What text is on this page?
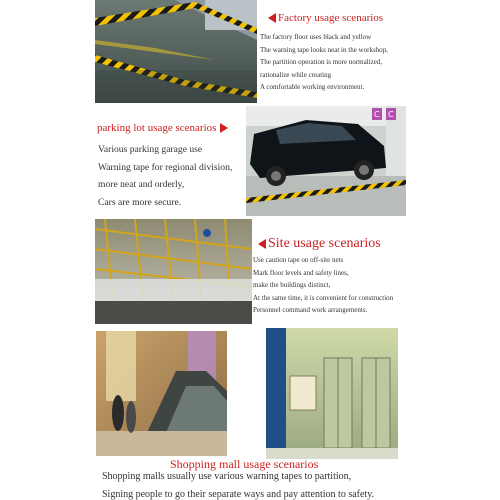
Factory usage scenarios
The factory floor uses black and yellow
The warning tape looks neat in the workshop,
The partition operation is more normalized,
rationalize while creating
A comfortable working environment.
parking lot usage scenarios
Various parking garage use
Warning tape for regional division,
more neat and orderly,
Cars are more secure.
C C
Site usage scenarios
Use caution tape on off-site nets
Mark floor levels and safety lines,
make the buildings distinct,
At the same time, it is convenient for construction
Personnel command work arrangements.
Shopping mall usage scenarios
Shopping malls usually use various warning tapes to partition,
Signing people to go their separate ways and pay attention to safety.
